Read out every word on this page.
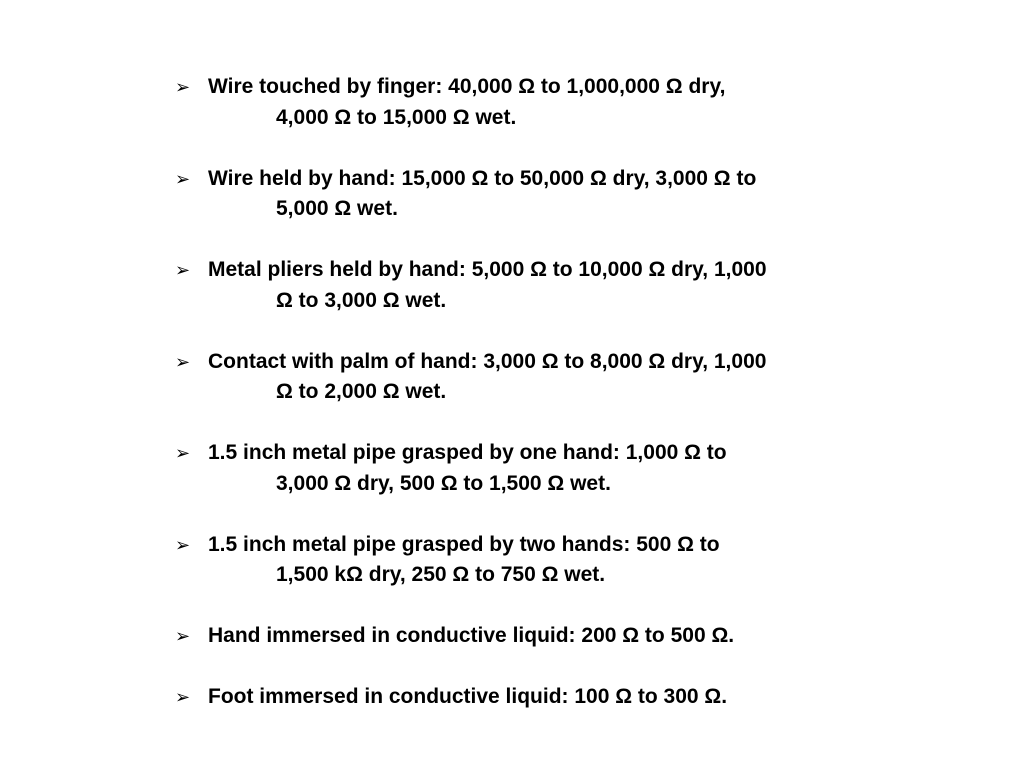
➢ Wire touched by finger: 40,000 Ω to 1,000,000 Ω dry,
4,000 Ω to 15,000 Ω wet.
➢ Wire held by hand: 15,000 Ω to 50,000 Ω dry, 3,000 Ω to
5,000 Ω wet.
➢ Metal pliers held by hand: 5,000 Ω to 10,000 Ω dry, 1,000
Ω to 3,000 Ω wet.
➢ Contact with palm of hand: 3,000 Ω to 8,000 Ω dry, 1,000
Ω to 2,000 Ω wet.
➢ 1.5 inch metal pipe grasped by one hand: 1,000 Ω to
3,000 Ω dry, 500 Ω to 1,500 Ω wet.
➢ 1.5 inch metal pipe grasped by two hands: 500 Ω to
1,500 kΩ dry, 250 Ω to 750 Ω wet.
➢ Hand immersed in conductive liquid: 200 Ω to 500 Ω.
➢ Foot immersed in conductive liquid: 100 Ω to 300 Ω.
